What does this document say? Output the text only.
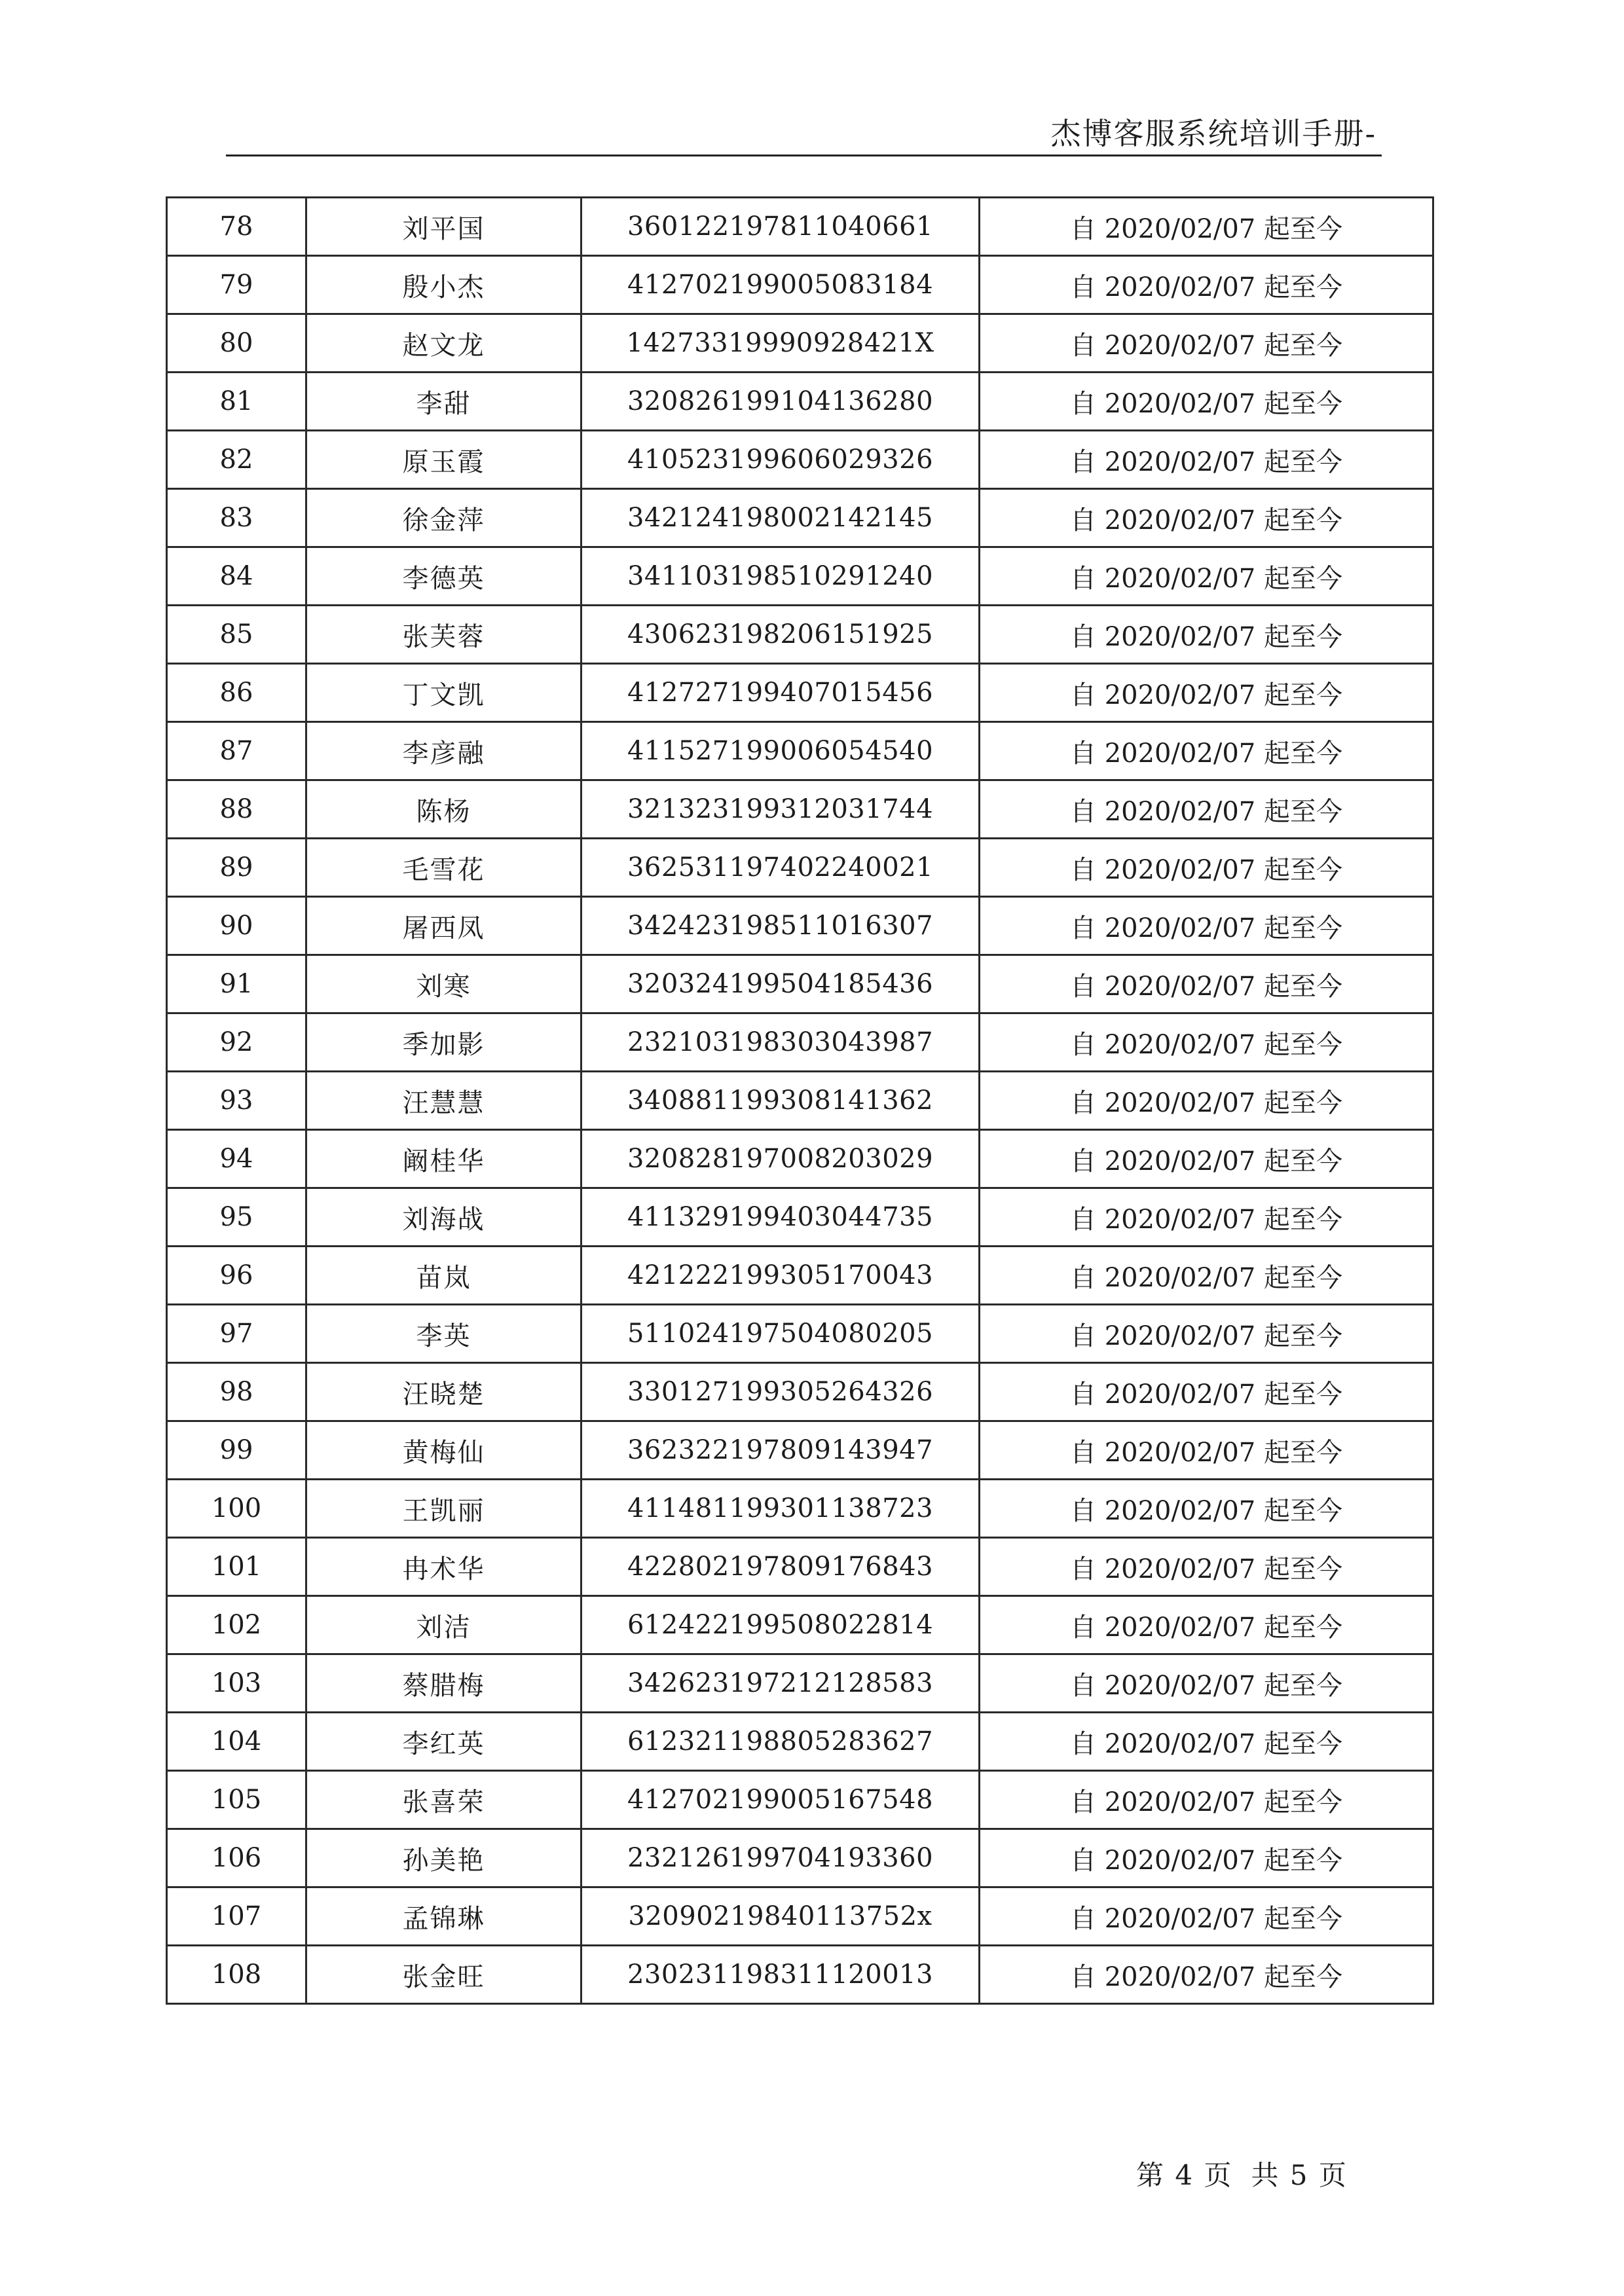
杰博客服系统培训手册-
78	刘平国	360122197811040661	自 2020/02/07 起至今
79	殷小杰	412702199005083184	自 2020/02/07 起至今
80	赵文龙	14273319990928421X	自 2020/02/07 起至今
81	李甜	320826199104136280	自 2020/02/07 起至今
82	原玉霞	410523199606029326	自 2020/02/07 起至今
83	徐金萍	342124198002142145	自 2020/02/07 起至今
84	李德英	341103198510291240	自 2020/02/07 起至今
85	张芙蓉	430623198206151925	自 2020/02/07 起至今
86	丁文凯	412727199407015456	自 2020/02/07 起至今
87	李彦融	411527199006054540	自 2020/02/07 起至今
88	陈杨	321323199312031744	自 2020/02/07 起至今
89	毛雪花	362531197402240021	自 2020/02/07 起至今
90	屠西凤	342423198511016307	自 2020/02/07 起至今
91	刘寒	320324199504185436	自 2020/02/07 起至今
92	季加影	232103198303043987	自 2020/02/07 起至今
93	汪慧慧	340881199308141362	自 2020/02/07 起至今
94	阚桂华	320828197008203029	自 2020/02/07 起至今
95	刘海战	411329199403044735	自 2020/02/07 起至今
96	苗岚	421222199305170043	自 2020/02/07 起至今
97	李英	511024197504080205	自 2020/02/07 起至今
98	汪晓楚	330127199305264326	自 2020/02/07 起至今
99	黄梅仙	362322197809143947	自 2020/02/07 起至今
100	王凯丽	411481199301138723	自 2020/02/07 起至今
101	冉术华	422802197809176843	自 2020/02/07 起至今
102	刘洁	612422199508022814	自 2020/02/07 起至今
103	蔡腊梅	342623197212128583	自 2020/02/07 起至今
104	李红英	612321198805283627	自 2020/02/07 起至今
105	张喜荣	412702199005167548	自 2020/02/07 起至今
106	孙美艳	232126199704193360	自 2020/02/07 起至今
107	孟锦琳	32090219840113752x	自 2020/02/07 起至今
108	张金旺	230231198311120013	自 2020/02/07 起至今
第 4 页 共 5 页
